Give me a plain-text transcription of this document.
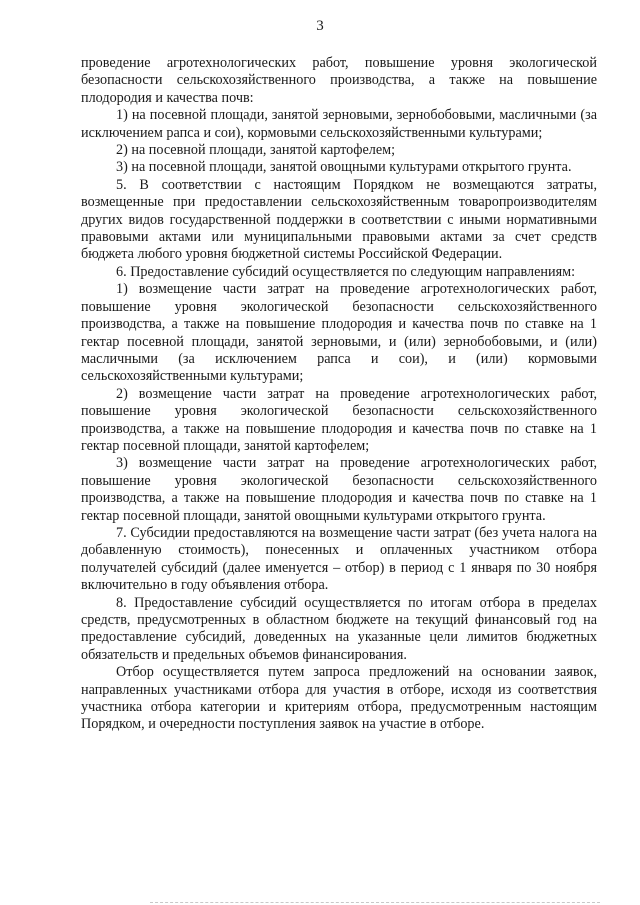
3

проведение агротехнологических работ, повышение уровня экологической безопасности сельскохозяйственного производства, а также на повышение плодородия и качества почв:

1) на посевной площади, занятой зерновыми, зернобобовыми, масличными (за исключением рапса и сои), кормовыми сельскохозяйственными культурами;

2) на посевной площади, занятой картофелем;

3) на посевной площади, занятой овощными культурами открытого грунта.

5. В соответствии с настоящим Порядком не возмещаются затраты, возмещенные при предоставлении сельскохозяйственным товаропроизводителям других видов государственной поддержки в соответствии с иными нормативными правовыми актами или муниципальными правовыми актами за счет средств бюджета любого уровня бюджетной системы Российской Федерации.

6. Предоставление субсидий осуществляется по следующим направлениям:

1) возмещение части затрат на проведение агротехнологических работ, повышение уровня экологической безопасности сельскохозяйственного производства, а также на повышение плодородия и качества почв по ставке на 1 гектар посевной площади, занятой зерновыми, и (или) зернобобовыми, и (или) масличными (за исключением рапса и сои), и (или) кормовыми сельскохозяйственными культурами;

2) возмещение части затрат на проведение агротехнологических работ, повышение уровня экологической безопасности сельскохозяйственного производства, а также на повышение плодородия и качества почв по ставке на 1 гектар посевной площади, занятой картофелем;

3) возмещение части затрат на проведение агротехнологических работ, повышение уровня экологической безопасности сельскохозяйственного производства, а также на повышение плодородия и качества почв по ставке на 1 гектар посевной площади, занятой овощными культурами открытого грунта.

7. Субсидии предоставляются на возмещение части затрат (без учета налога на добавленную стоимость), понесенных и оплаченных участником отбора получателей субсидий (далее именуется – отбор) в период с 1 января по 30 ноября включительно в году объявления отбора.

8. Предоставление субсидий осуществляется по итогам отбора в пределах средств, предусмотренных в областном бюджете на текущий финансовый год на предоставление субсидий, доведенных на указанные цели лимитов бюджетных обязательств и предельных объемов финансирования.

Отбор осуществляется путем запроса предложений на основании заявок, направленных участниками отбора для участия в отборе, исходя из соответствия участника отбора категории и критериям отбора, предусмотренным настоящим Порядком, и очередности поступления заявок на участие в отборе.
